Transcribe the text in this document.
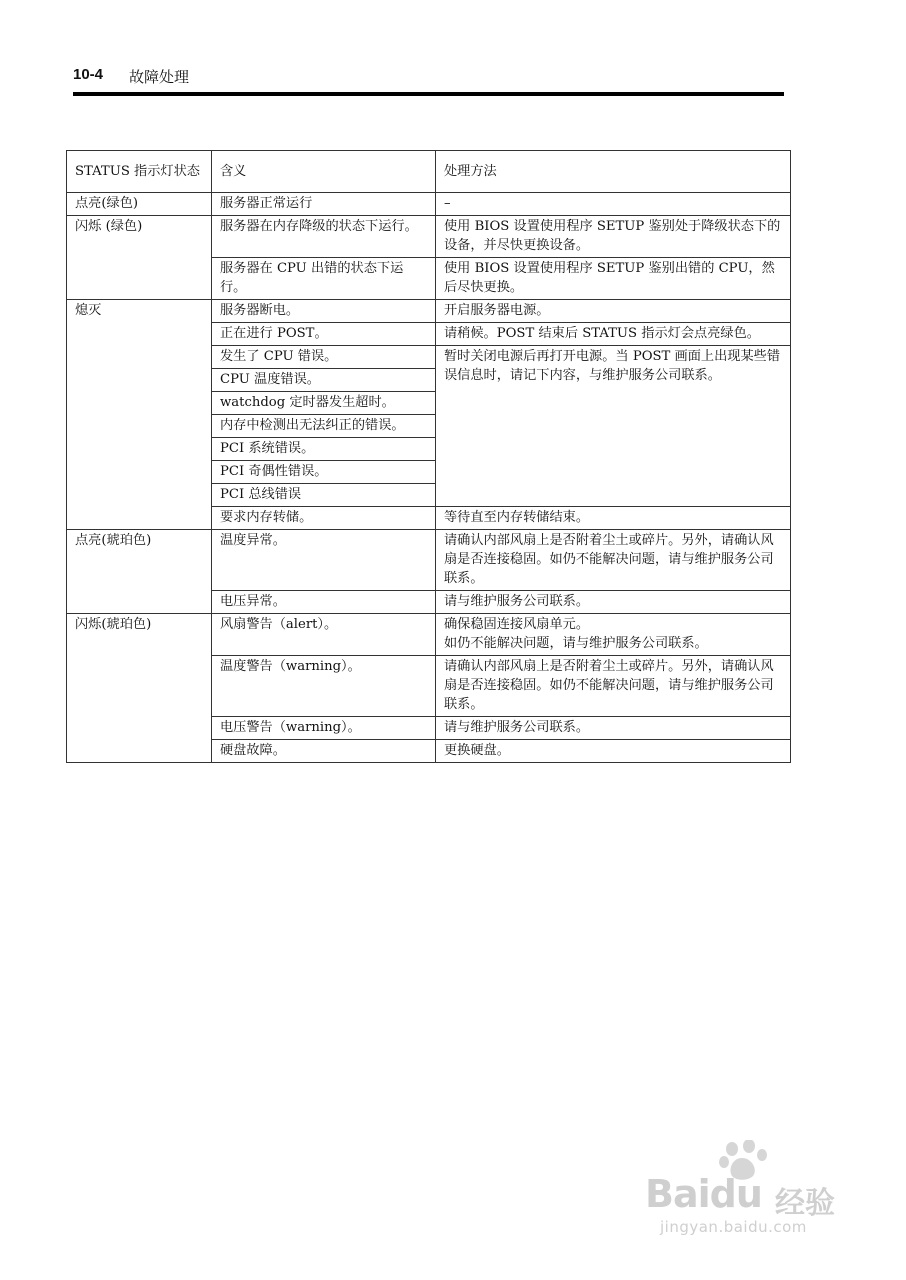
10-4 故障处理
STATUS 指示灯状态	含义	处理方法
点亮(绿色)	服务器正常运行	–
闪烁 (绿色)	服务器在内存降级的状态下运行。	使用 BIOS 设置使用程序 SETUP 鉴别处于降级状态下的设备，并尽快更换设备。
	服务器在 CPU 出错的状态下运行。	使用 BIOS 设置使用程序 SETUP 鉴别出错的 CPU，然后尽快更换。
熄灭	服务器断电。	开启服务器电源。
	正在进行 POST。	请稍候。POST 结束后 STATUS 指示灯会点亮绿色。
	发生了 CPU 错误。	暂时关闭电源后再打开电源。当 POST 画面上出现某些错误信息时，请记下内容，与维护服务公司联系。
	CPU 温度错误。	
	watchdog 定时器发生超时。	
	内存中检测出无法纠正的错误。	
	PCI 系统错误。	
	PCI 奇偶性错误。	
	PCI 总线错误	
	要求内存转储。	等待直至内存转储结束。
点亮(琥珀色)	温度异常。	请确认内部风扇上是否附着尘土或碎片。另外，请确认风扇是否连接稳固。如仍不能解决问题，请与维护服务公司联系。
	电压异常。	请与维护服务公司联系。
闪烁(琥珀色)	风扇警告（alert）。	确保稳固连接风扇单元。
如仍不能解决问题，请与维护服务公司联系。

	温度警告（warning）。	请确认内部风扇上是否附着尘土或碎片。另外，请确认风扇是否连接稳固。如仍不能解决问题，请与维护服务公司联系。
	电压警告（warning）。	请与维护服务公司联系。
	硬盘故障。	更换硬盘。
Baidu 经验
jingyan.baidu.com
